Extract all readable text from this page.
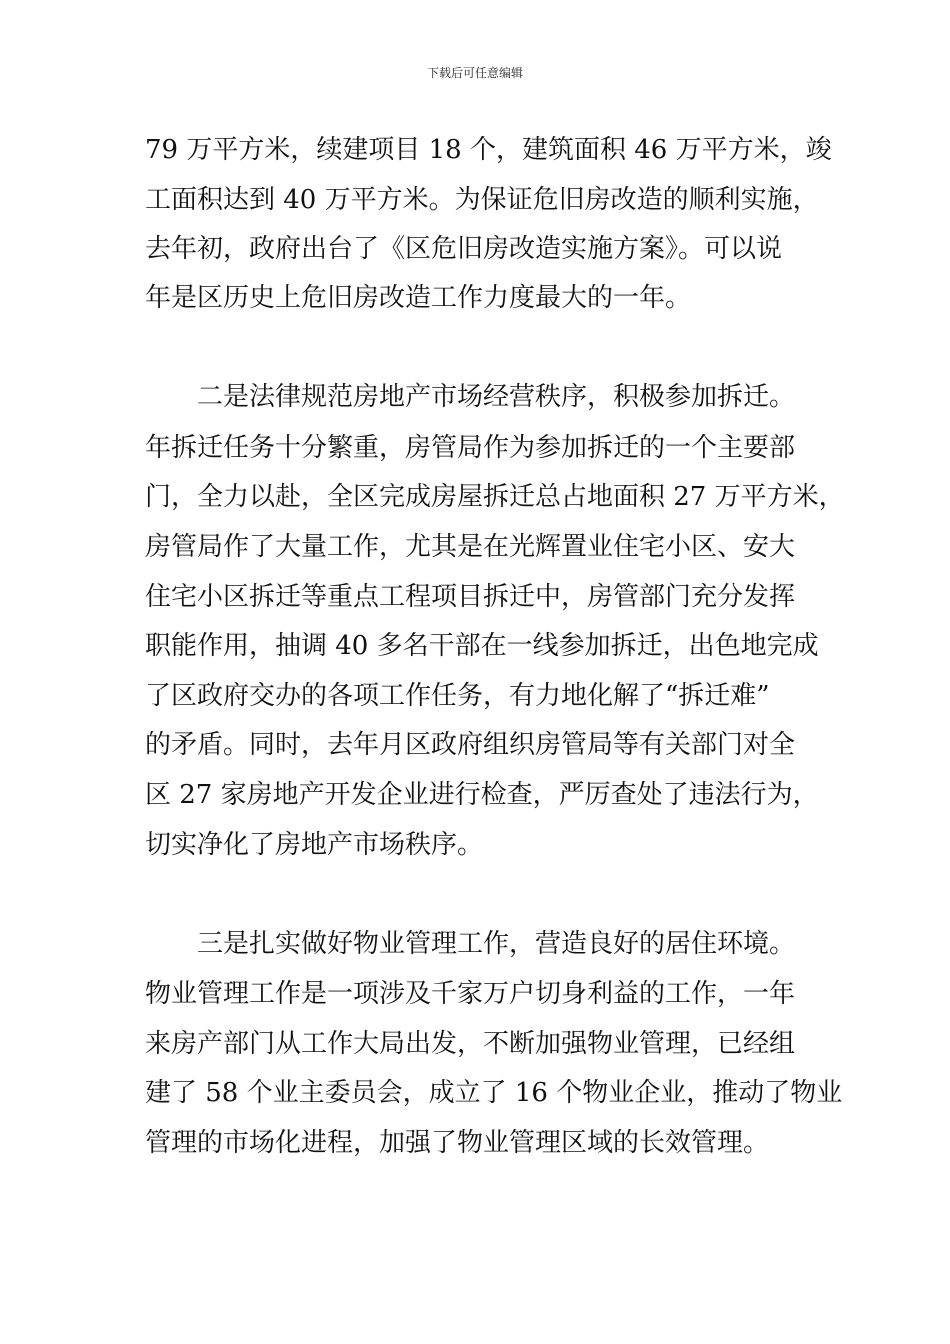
下载后可任意编辑
79 万平方米，续建项目 18 个，建筑面积 46 万平方米，竣
工面积达到 40 万平方米。为保证危旧房改造的顺利实施，
去年初，政府出台了《区危旧房改造实施方案》。可以说
年是区历史上危旧房改造工作力度最大的一年。
二是法律规范房地产市场经营秩序，积极参加拆迁。
年拆迁任务十分繁重，房管局作为参加拆迁的一个主要部
门，全力以赴，全区完成房屋拆迁总占地面积 27 万平方米，
房管局作了大量工作，尤其是在光辉置业住宅小区、安大
住宅小区拆迁等重点工程项目拆迁中，房管部门充分发挥
职能作用，抽调 40 多名干部在一线参加拆迁，出色地完成
了区政府交办的各项工作任务，有力地化解了“拆迁难”
的矛盾。同时，去年月区政府组织房管局等有关部门对全
区 27 家房地产开发企业进行检查，严厉查处了违法行为，
切实净化了房地产市场秩序。
三是扎实做好物业管理工作，营造良好的居住环境。
物业管理工作是一项涉及千家万户切身利益的工作，一年
来房产部门从工作大局出发，不断加强物业管理，已经组
建了 58 个业主委员会，成立了 16 个物业企业，推动了物业
管理的市场化进程，加强了物业管理区域的长效管理。
